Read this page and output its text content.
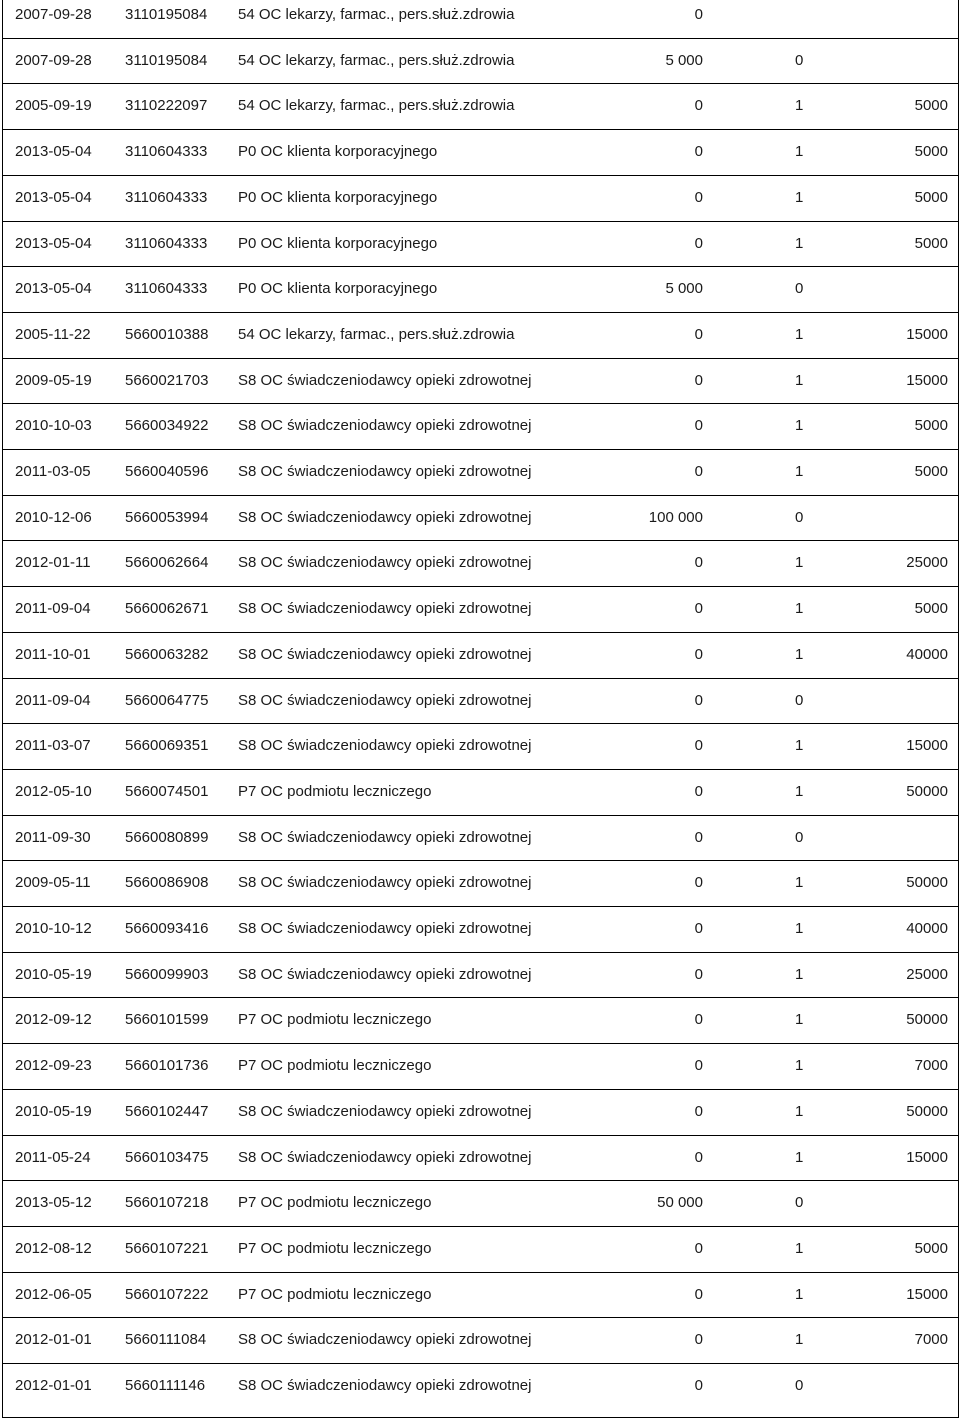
2007-09-28 3110195084 54 OC lekarzy, farmac., pers.służ.zdrowia	0
2007-09-28 3110195084 54 OC lekarzy, farmac., pers.służ.zdrowia	5 000	0
2005-09-19 3110222097 54 OC lekarzy, farmac., pers.służ.zdrowia	0	1	5000
2013-05-04 3110604333 P0 OC klienta korporacyjnego	0	1	5000
2013-05-04 3110604333 P0 OC klienta korporacyjnego	0	1	5000
2013-05-04 3110604333 P0 OC klienta korporacyjnego	0	1	5000
2013-05-04 3110604333 P0 OC klienta korporacyjnego	5 000	0
2005-11-22 5660010388 54 OC lekarzy, farmac., pers.służ.zdrowia	0	1	15000
2009-05-19 5660021703 S8 OC świadczeniodawcy opieki zdrowotnej	0	1	15000
2010-10-03 5660034922 S8 OC świadczeniodawcy opieki zdrowotnej	0	1	5000
2011-03-05 5660040596 S8 OC świadczeniodawcy opieki zdrowotnej	0	1	5000
2010-12-06 5660053994 S8 OC świadczeniodawcy opieki zdrowotnej	100 000	0
2012-01-11 5660062664 S8 OC świadczeniodawcy opieki zdrowotnej	0	1	25000
2011-09-04 5660062671 S8 OC świadczeniodawcy opieki zdrowotnej	0	1	5000
2011-10-01 5660063282 S8 OC świadczeniodawcy opieki zdrowotnej	0	1	40000
2011-09-04 5660064775 S8 OC świadczeniodawcy opieki zdrowotnej	0	0
2011-03-07 5660069351 S8 OC świadczeniodawcy opieki zdrowotnej	0	1	15000
2012-05-10 5660074501 P7 OC podmiotu leczniczego	0	1	50000
2011-09-30 5660080899 S8 OC świadczeniodawcy opieki zdrowotnej	0	0
2009-05-11 5660086908 S8 OC świadczeniodawcy opieki zdrowotnej	0	1	50000
2010-10-12 5660093416 S8 OC świadczeniodawcy opieki zdrowotnej	0	1	40000
2010-05-19 5660099903 S8 OC świadczeniodawcy opieki zdrowotnej	0	1	25000
2012-09-12 5660101599 P7 OC podmiotu leczniczego	0	1	50000
2012-09-23 5660101736 P7 OC podmiotu leczniczego	0	1	7000
2010-05-19 5660102447 S8 OC świadczeniodawcy opieki zdrowotnej	0	1	50000
2011-05-24 5660103475 S8 OC świadczeniodawcy opieki zdrowotnej	0	1	15000
2013-05-12 5660107218 P7 OC podmiotu leczniczego	50 000	0
2012-08-12 5660107221 P7 OC podmiotu leczniczego	0	1	5000
2012-06-05 5660107222 P7 OC podmiotu leczniczego	0	1	15000
2012-01-01 5660111084 S8 OC świadczeniodawcy opieki zdrowotnej	0	1	7000
2012-01-01 5660111146 S8 OC świadczeniodawcy opieki zdrowotnej	0	0
